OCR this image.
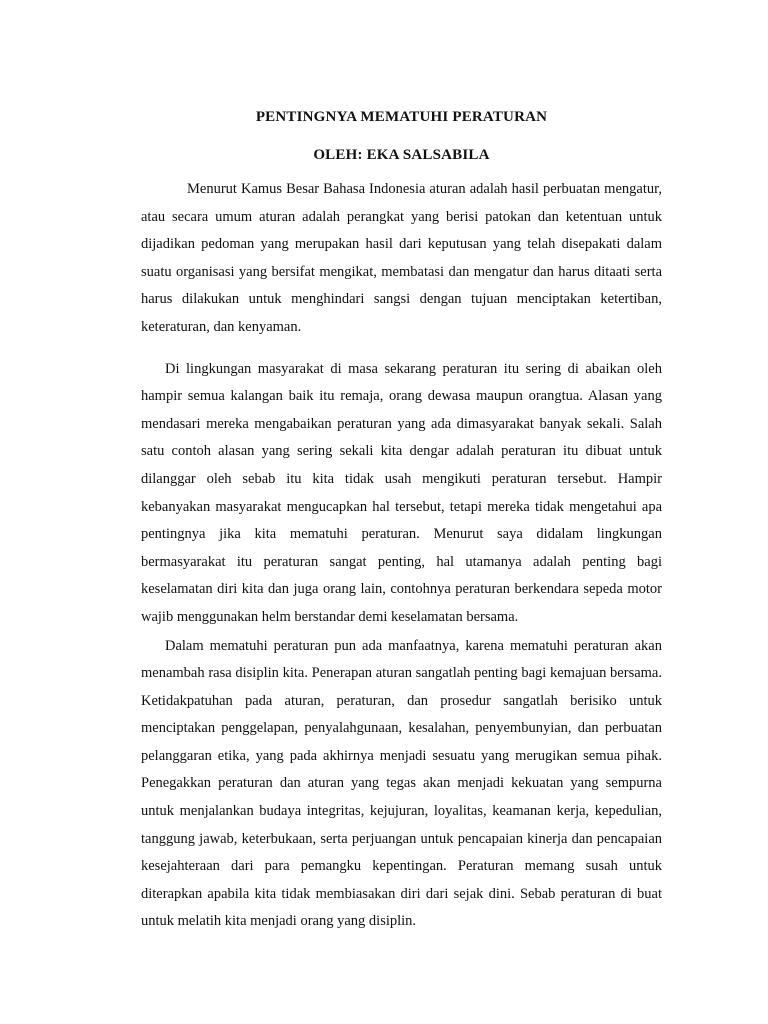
PENTINGNYA MEMATUHI PERATURAN
OLEH: EKA SALSABILA

Menurut Kamus Besar Bahasa Indonesia aturan adalah hasil perbuatan mengatur, atau secara umum aturan adalah perangkat yang berisi patokan dan ketentuan untuk dijadikan pedoman yang merupakan hasil dari keputusan yang telah disepakati dalam suatu organisasi yang bersifat mengikat, membatasi dan mengatur dan harus ditaati serta harus dilakukan untuk menghindari sangsi dengan tujuan menciptakan ketertiban, keteraturan, dan kenyaman.

Di lingkungan masyarakat di masa sekarang peraturan itu sering di abaikan oleh hampir semua kalangan baik itu remaja, orang dewasa maupun orangtua. Alasan yang mendasari mereka mengabaikan peraturan yang ada dimasyarakat banyak sekali. Salah satu contoh alasan yang sering sekali kita dengar adalah peraturan itu dibuat untuk dilanggar oleh sebab itu kita tidak usah mengikuti peraturan tersebut. Hampir kebanyakan masyarakat mengucapkan hal tersebut, tetapi mereka tidak mengetahui apa pentingnya jika kita mematuhi peraturan. Menurut saya didalam lingkungan bermasyarakat itu peraturan sangat penting, hal utamanya adalah penting bagi keselamatan diri kita dan juga orang lain, contohnya peraturan berkendara sepeda motor wajib menggunakan helm berstandar demi keselamatan bersama.

Dalam mematuhi peraturan pun ada manfaatnya, karena mematuhi peraturan akan menambah rasa disiplin kita. Penerapan aturan sangatlah penting bagi kemajuan bersama. Ketidakpatuhan pada aturan, peraturan, dan prosedur sangatlah berisiko untuk menciptakan penggelapan, penyalahgunaan, kesalahan, penyembunyian, dan perbuatan pelanggaran etika, yang pada akhirnya menjadi sesuatu yang merugikan semua pihak. Penegakkan peraturan dan aturan yang tegas akan menjadi kekuatan yang sempurna untuk menjalankan budaya integritas, kejujuran, loyalitas, keamanan kerja, kepedulian, tanggung jawab, keterbukaan, serta perjuangan untuk pencapaian kinerja dan pencapaian kesejahteraan dari para pemangku kepentingan. Peraturan memang susah untuk diterapkan apabila kita tidak membiasakan diri dari sejak dini. Sebab peraturan di buat untuk melatih kita menjadi orang yang disiplin.
